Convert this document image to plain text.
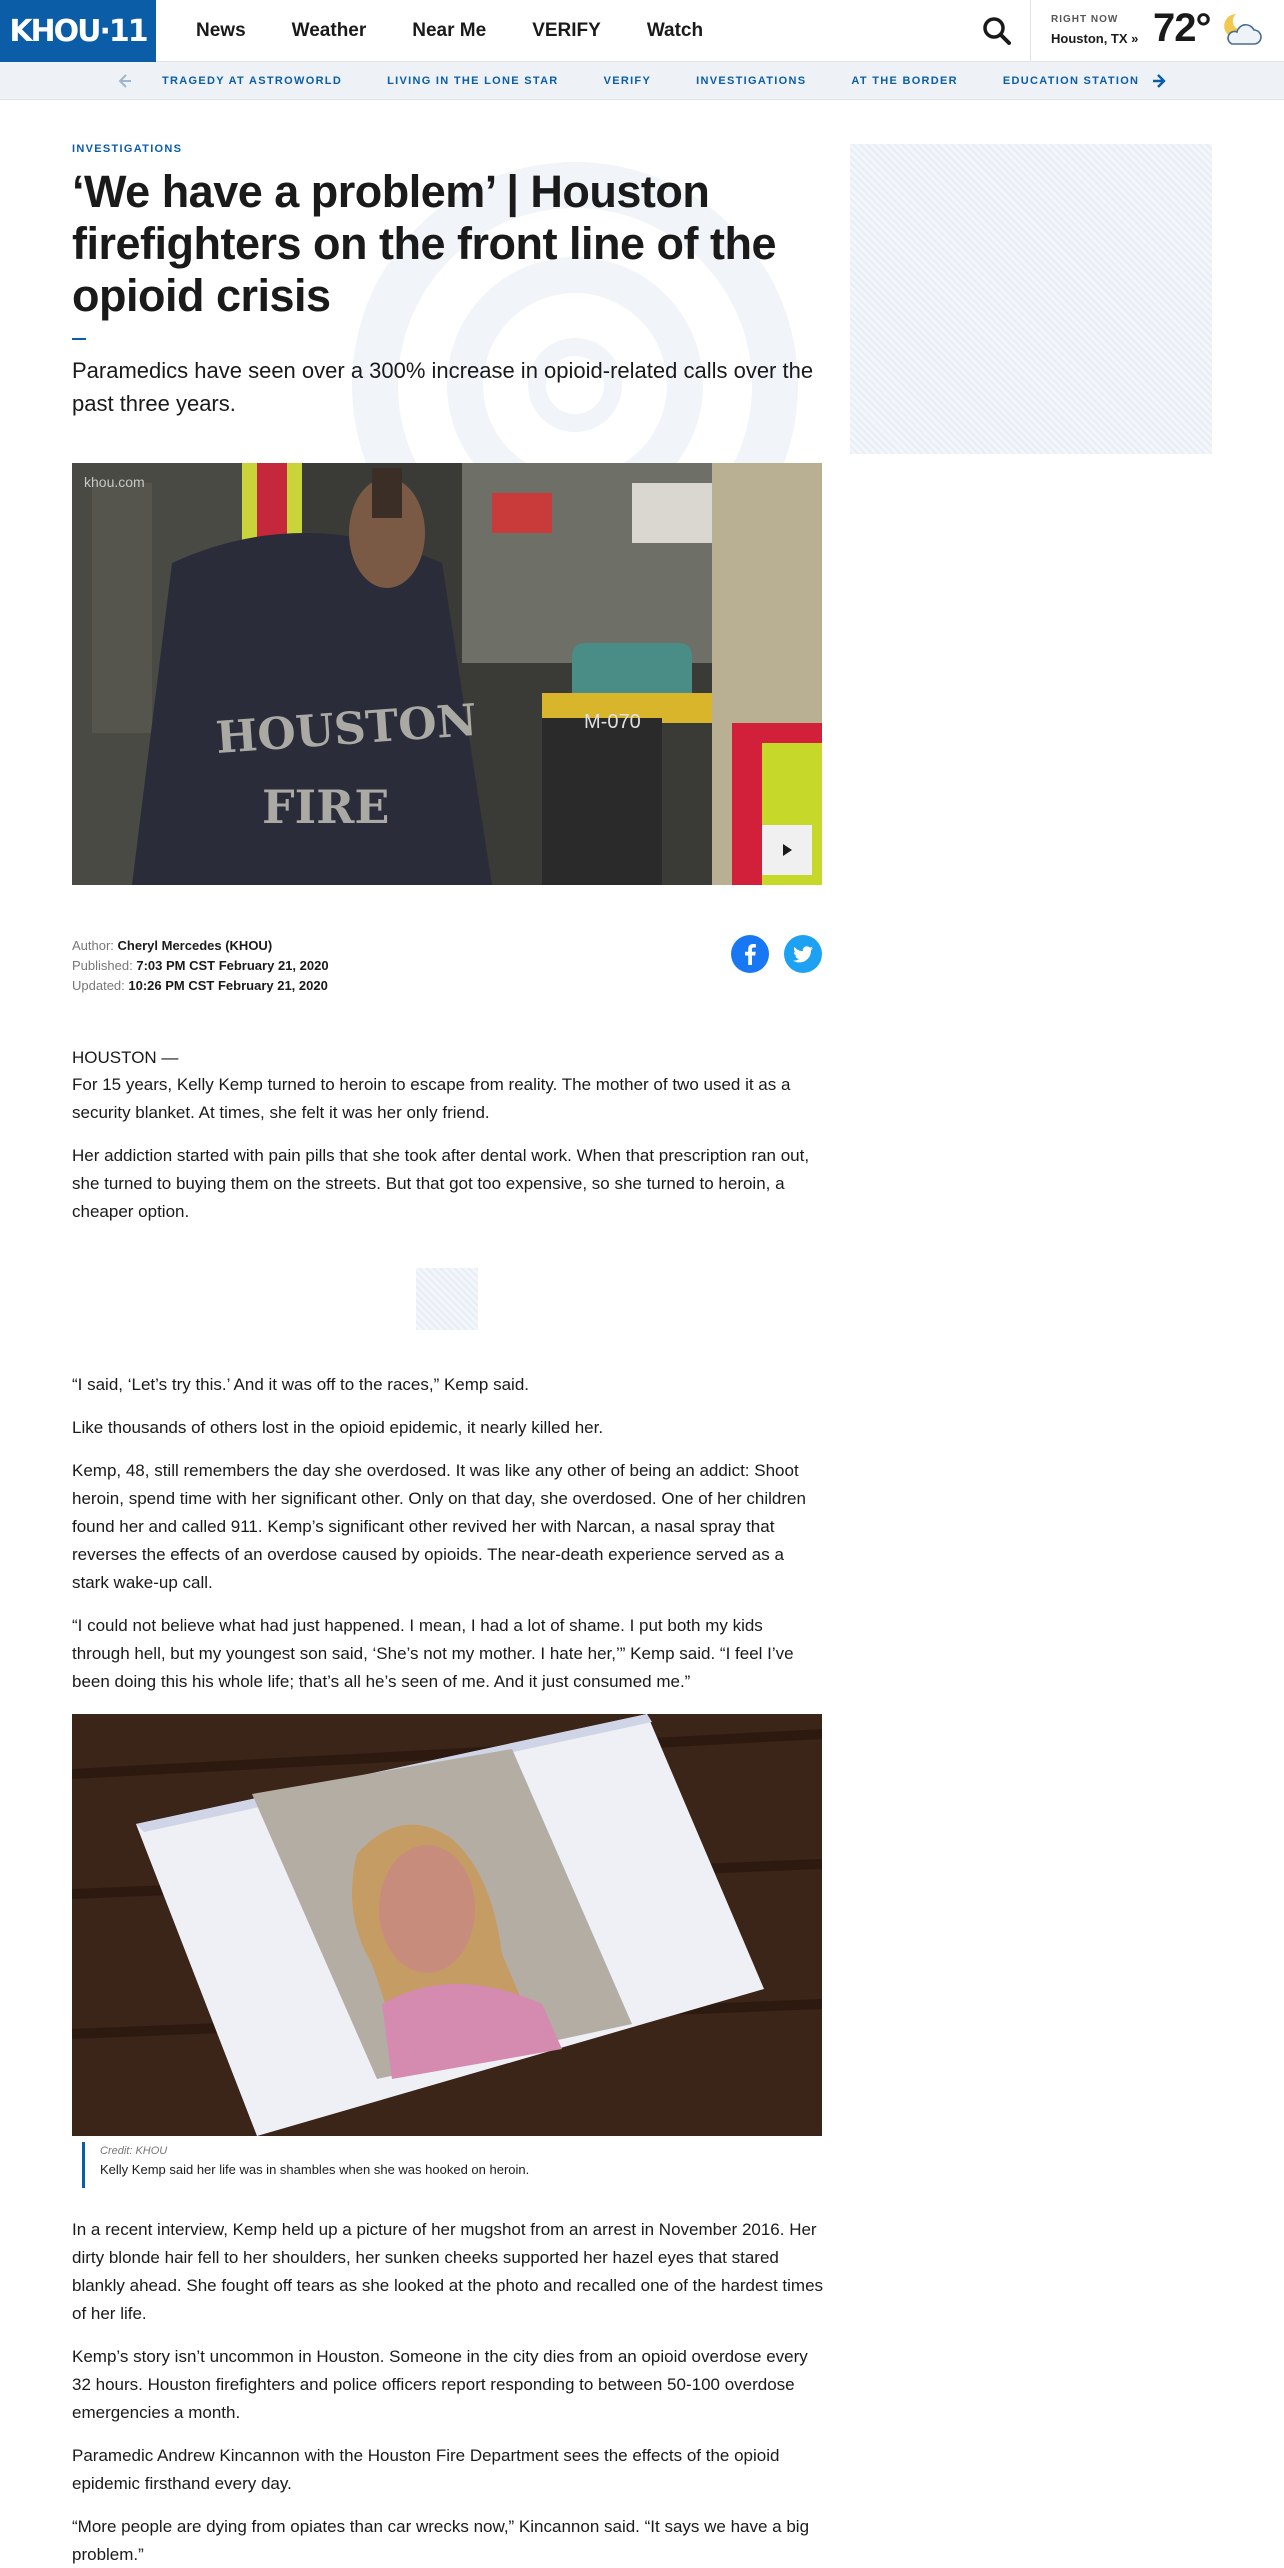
KHOU·11	News Weather Near Me VERIFY Watch
RIGHT NOW
Houston, TX » 72°
TRAGEDY AT ASTROWORLD	LIVING IN THE LONE STAR	VERIFY	INVESTIGATIONS	AT THE BORDER	EDUCATION STATION
INVESTIGATIONS
‘We have a problem’ | Houston firefighters on the front line of the opioid crisis
Paramedics have seen over a 300% increase in opioid-related calls over the past three years.
HOUSTON
FIRE
M-070
khou.com
Author: Cheryl Mercedes (KHOU)
Published: 7:03 PM CST February 21, 2020
Updated: 10:26 PM CST February 21, 2020
HOUSTON —

For 15 years, Kelly Kemp turned to heroin to escape from reality. The mother of two used it as a security blanket. At times, she felt it was her only friend.

Her addiction started with pain pills that she took after dental work. When that prescription ran out, she turned to buying them on the streets. But that got too expensive, so she turned to heroin, a cheaper option.

“I said, ‘Let’s try this.’ And it was off to the races,” Kemp said.

Like thousands of others lost in the opioid epidemic, it nearly killed her.

Kemp, 48, still remembers the day she overdosed. It was like any other of being an addict: Shoot heroin, spend time with her significant other. Only on that day, she overdosed. One of her children found her and called 911. Kemp’s significant other revived her with Narcan, a nasal spray that reverses the effects of an overdose caused by opioids. The near-death experience served as a stark wake-up call.

“I could not believe what had just happened. I mean, I had a lot of shame. I put both my kids through hell, but my youngest son said, ‘She’s not my mother. I hate her,’” Kemp said. “I feel I’ve been doing this his whole life; that’s all he’s seen of me. And it just consumed me.”

In a recent interview, Kemp held up a picture of her mugshot from an arrest in November 2016. Her dirty blonde hair fell to her shoulders, her sunken cheeks supported her hazel eyes that stared blankly ahead. She fought off tears as she looked at the photo and recalled one of the hardest times of her life.

Kemp’s story isn’t uncommon in Houston. Someone in the city dies from an opioid overdose every 32 hours. Houston firefighters and police officers report responding to between 50-100 overdose emergencies a month.

Paramedic Andrew Kincannon with the Houston Fire Department sees the effects of the opioid epidemic firsthand every day.

“More people are dying from opiates than car wrecks now,” Kincannon said. “It says we have a big problem.”

Credit: KHOU
Kelly Kemp said her life was in shambles when she was hooked on heroin.
